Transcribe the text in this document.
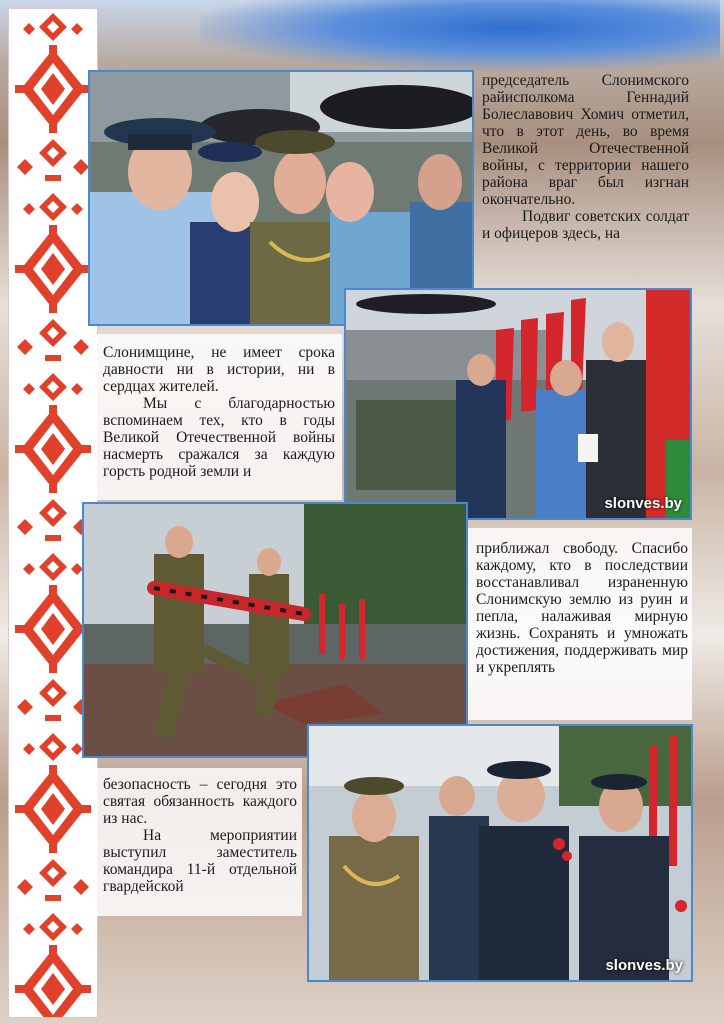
председатель Слонимского райисполкома Геннадий Болеславович Хомич отметил, что в этот день, во время Великой Отечественной войны, с территории нашего района враг был изгнан окончательно.

Подвиг советских солдат и офицеров здесь, на

Слонимщине, не имеет срока давности ни в истории, ни в сердцах жителей.

Мы с благодарностью вспоминаем тех, кто в годы Великой Отечественной войны насмерть сражался за каждую горсть родной земли и

slonves.by

приближал свободу. Спасибо каждому, кто в последствии восстанавливал израненную Слонимскую землю из руин и пепла, налаживая мирную жизнь. Сохранять и умножать достижения, поддерживать мир и укреплять

slonves.by

безопасность – сегодня это святая обязанность каждого из нас.

На мероприятии выступил заместитель командира 11-й отдельной гвардейской
